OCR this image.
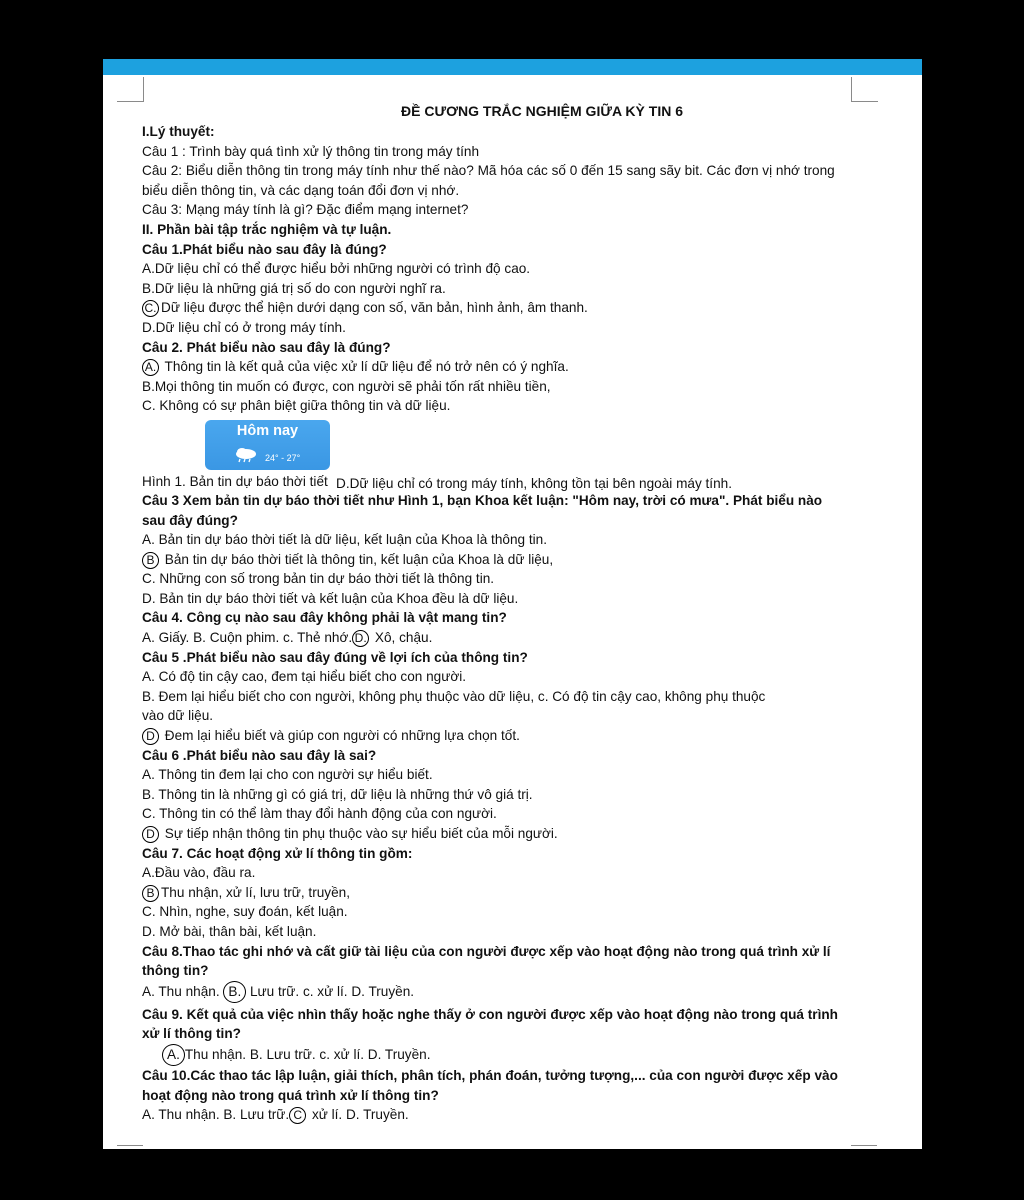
ĐỀ CƯƠNG TRẮC NGHIỆM GIỮA KỲ TIN 6
I.Lý thuyết:
Câu 1 : Trình bày quá tình xử lý thông tin trong máy tính
Câu 2: Biểu diễn thông tin trong máy tính như thế nào? Mã hóa các số 0 đến 15 sang sãy bit. Các đơn vị nhớ trong biểu diễn thông tin, và các dạng toán đổi đơn vị nhớ.
Câu 3: Mạng máy tính là gì? Đặc điểm mạng internet?
II. Phần bài tập trắc nghiệm và tự luận.
Câu 1.Phát biểu nào sau đây là đúng?
A.Dữ liệu chỉ có thể được hiểu bởi những người có trình độ cao.
B.Dữ liệu là những giá trị số do con người nghĩ ra.
C. Dữ liệu được thể hiện dưới dạng con số, văn bản, hình ảnh, âm thanh.
D.Dữ liệu chỉ có ở trong máy tính.
Câu 2. Phát biểu nào sau đây là đúng?
A. Thông tin là kết quả của việc xử lí dữ liệu để nó trở nên có ý nghĩa.
B.Mọi thông tin muốn có được, con người sẽ phải tốn rất nhiều tiền,
C. Không có sự phân biệt giữa thông tin và dữ liệu.
Hôm nay
24° - 27°
Hình 1. Bản tin dự báo thời tiết D.Dữ liệu chỉ có trong máy tính, không tồn tại bên ngoài máy tính.
Câu 3 Xem bản tin dự báo thời tiết như Hình 1, bạn Khoa kết luận: "Hôm nay, trời có mưa". Phát biểu nào sau đây đúng?
A. Bản tin dự báo thời tiết là dữ liệu, kết luận của Khoa là thông tin.
B Bản tin dự báo thời tiết là thông tin, kết luận của Khoa là dữ liệu,
C. Những con số trong bản tin dự báo thời tiết là thông tin.
D. Bản tin dự báo thời tiết và kết luận của Khoa đều là dữ liệu.
Câu 4. Công cụ nào sau đây không phải là vật mang tin?
A. Giấy. B. Cuộn phim. c. Thẻ nhớ. D. Xô, chậu.
Câu 5 .Phát biểu nào sau đây đúng về lợi ích của thông tin?
A. Có độ tin cậy cao, đem tại hiểu biết cho con người.
B. Đem lại hiểu biết cho con người, không phụ thuộc vào dữ liệu, c. Có độ tin cậy cao, không phụ thuộc vào dữ liệu.
D Đem lại hiểu biết và giúp con người có những lựa chọn tốt.
Câu 6 .Phát biểu nào sau đây là sai?
A. Thông tin đem lại cho con người sự hiểu biết.
B. Thông tin là những gì có giá trị, dữ liệu là những thứ vô giá trị.
C. Thông tin có thể làm thay đổi hành động của con người.
D Sự tiếp nhận thông tin phụ thuộc vào sự hiểu biết của mỗi người.
Câu 7. Các hoạt động xử lí thông tin gồm:
A.Đầu vào, đầu ra.
B Thu nhận, xử lí, lưu trữ, truyền,
C. Nhìn, nghe, suy đoán, kết luận.
D. Mở bài, thân bài, kết luận.
Câu 8.Thao tác ghi nhớ và cất giữ tài liệu của con người được xếp vào hoạt động nào trong quá trình xử lí thông tin?
A. Thu nhận. B. Lưu trữ. c. xử lí. D. Truyền.
Câu 9. Kết quả của việc nhìn thấy hoặc nghe thấy ở con người được xếp vào hoạt động nào trong quá trình xử lí thông tin?
A. Thu nhận. B. Lưu trữ. c. xử lí. D. Truyền.
Câu 10.Các thao tác lập luận, giải thích, phân tích, phán đoán, tưởng tượng,... của con người được xếp vào hoạt động nào trong quá trình xử lí thông tin?
A. Thu nhận. B. Lưu trữ. C xử lí. D. Truyền.
